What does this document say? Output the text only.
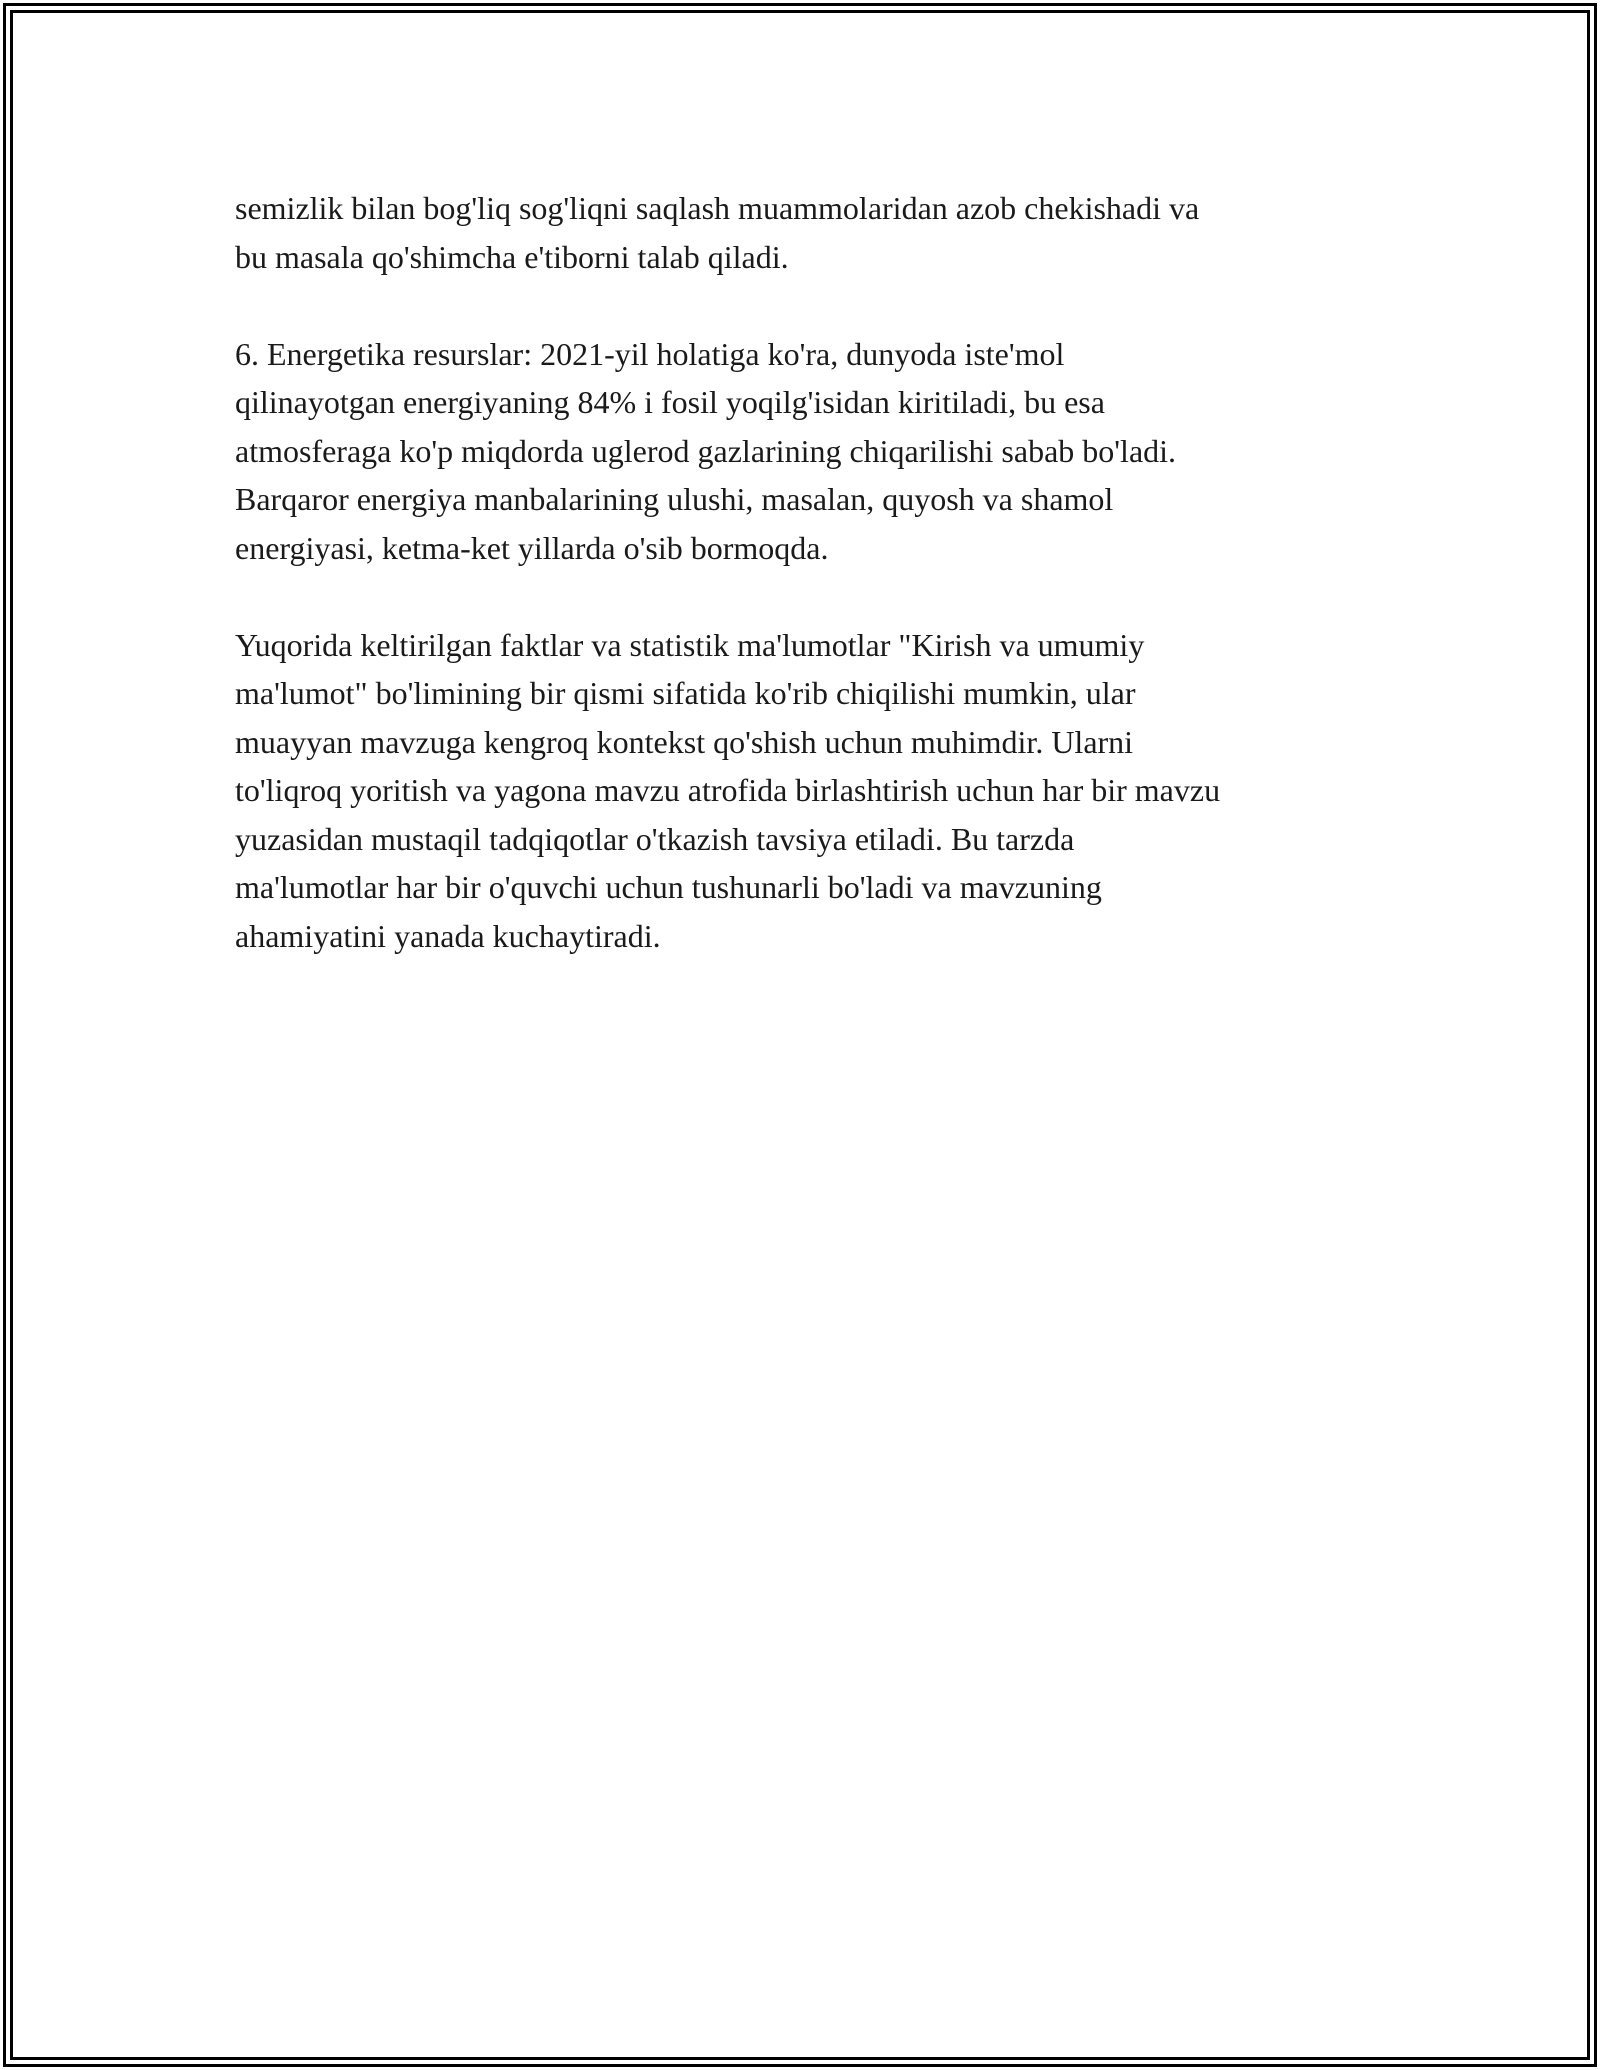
semizlik bilan bog'liq sog'liqni saqlash muammolaridan azob chekishadi va
bu masala qo'shimcha e'tiborni talab qiladi.

6. Energetika resurslar: 2021-yil holatiga ko'ra, dunyoda iste'mol
qilinayotgan energiyaning 84% i fosil yoqilg'isidan kiritiladi, bu esa
atmosferaga ko'p miqdorda uglerod gazlarining chiqarilishi sabab bo'ladi.
Barqaror energiya manbalarining ulushi, masalan, quyosh va shamol
energiyasi, ketma-ket yillarda o'sib bormoqda.

Yuqorida keltirilgan faktlar va statistik ma'lumotlar "Kirish va umumiy
ma'lumot" bo'limining bir qismi sifatida ko'rib chiqilishi mumkin, ular
muayyan mavzuga kengroq kontekst qo'shish uchun muhimdir. Ularni
to'liqroq yoritish va yagona mavzu atrofida birlashtirish uchun har bir mavzu
yuzasidan mustaqil tadqiqotlar o'tkazish tavsiya etiladi. Bu tarzda
ma'lumotlar har bir o'quvchi uchun tushunarli bo'ladi va mavzuning
ahamiyatini yanada kuchaytiradi.
